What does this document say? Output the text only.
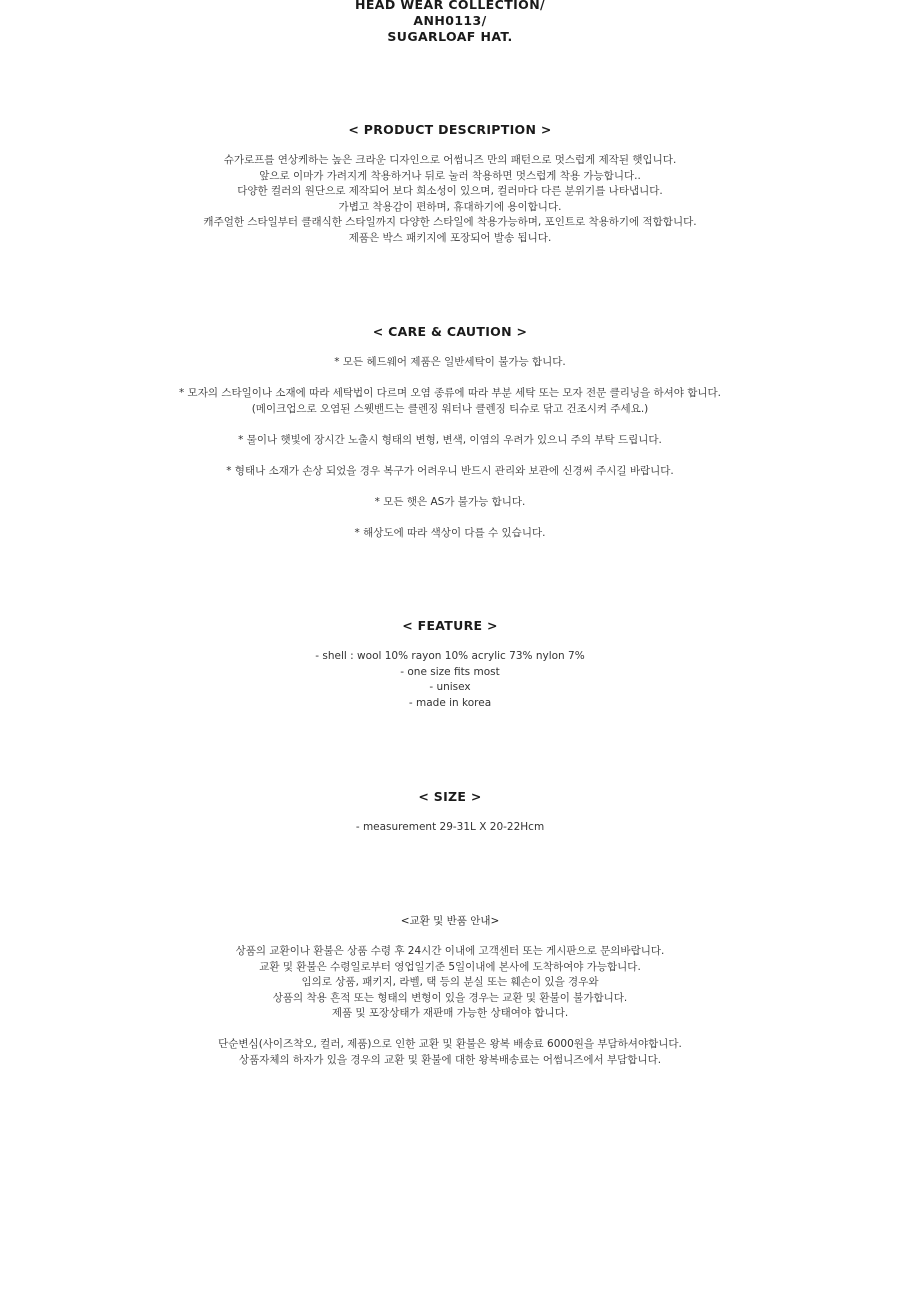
HEAD WEAR COLLECTION/
ANH0113/
SUGARLOAF HAT.
< PRODUCT DESCRIPTION >
슈가로프를 연상케하는 높은 크라운 디자인으로 어썸니즈 만의 패턴으로 멋스럽게 제작된 햇입니다.
앞으로 이마가 가려지게 착용하거나 뒤로 눌러 착용하면 멋스럽게 착용 가능합니다..
다양한 컬러의 원단으로 제작되어 보다 희소성이 있으며, 컬러마다 다른 분위기를 나타냅니다.
가볍고 착용감이 편하며, 휴대하기에 용이합니다.
캐주얼한 스타일부터 클래식한 스타일까지 다양한 스타일에 착용가능하며, 포인트로 착용하기에 적합합니다.
제품은 박스 패키지에 포장되어 발송 됩니다.
< CARE & CAUTION >
* 모든 헤드웨어 제품은 일반세탁이 불가능 합니다.
* 모자의 스타일이나 소재에 따라 세탁법이 다르며 오염 종류에 따라 부분 세탁 또는 모자 전문 클리닝을 하셔야 합니다.
(메이크업으로 오염된 스웻밴드는 클렌징 워터나 클렌징 티슈로 닦고 건조시켜 주세요.)
* 물이나 햇빛에 장시간 노출시 형태의 변형, 변색, 이염의 우려가 있으니 주의 부탁 드립니다.
* 형태나 소재가 손상 되었을 경우 복구가 어려우니 반드시 관리와 보관에 신경써 주시길 바랍니다.
* 모든 햇은 AS가 불가능 합니다.
* 해상도에 따라 색상이 다를 수 있습니다.
< FEATURE >
- shell : wool 10% rayon 10% acrylic 73% nylon 7%
- one size fits most
- unisex
- made in korea
< SIZE >
- measurement 29-31L X 20-22Hcm
<교환 및 반품 안내>
상품의 교환이나 환불은 상품 수령 후 24시간 이내에 고객센터 또는 게시판으로 문의바랍니다.
교환 및 환불은 수령일로부터 영업일기준 5일이내에 본사에 도착하여야 가능합니다.
임의로 상품, 패키지, 라벨, 택 등의 분실 또는 훼손이 있을 경우와
상품의 착용 흔적 또는 형태의 변형이 있을 경우는 교환 및 환불이 불가합니다.
제품 및 포장상태가 재판매 가능한 상태여야 합니다.
단순변심(사이즈착오, 컬러, 제품)으로 인한 교환 및 환불은 왕복 배송료 6000원을 부담하셔야합니다.
상품자체의 하자가 있을 경우의 교환 및 환불에 대한 왕복배송료는 어썸니즈에서 부담합니다.
